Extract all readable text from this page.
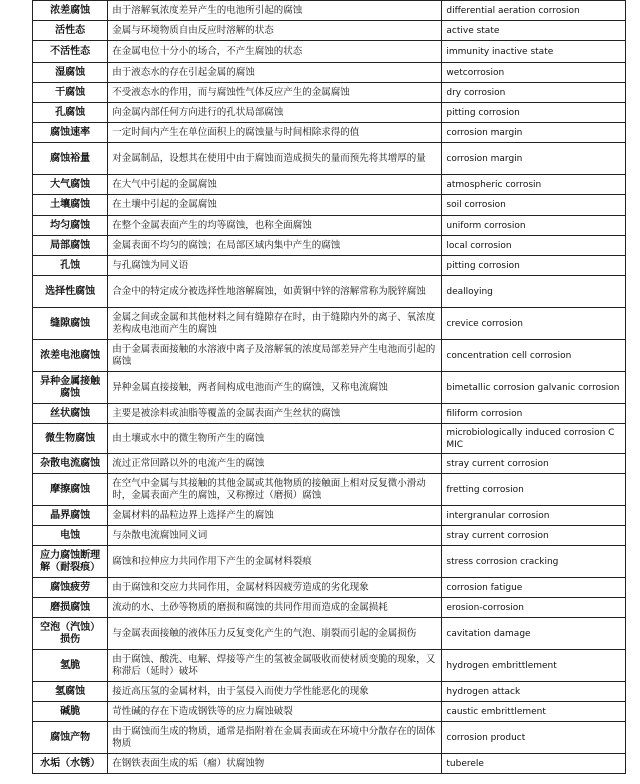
浓差腐蚀	由于溶解氧浓度差异产生的电池所引起的腐蚀	differential aeration corrosion
活性态	金属与环境物质自由反应时溶解的状态	active state
不活性态	在金属电位十分小的场合，不产生腐蚀的状态	immunity inactive state
湿腐蚀	由于液态水的存在引起金属的腐蚀	wetcorrosion
干腐蚀	不受液态水的作用，而与腐蚀性气体反应产生的金属腐蚀	dry corrosion
孔腐蚀	向金属内部任何方向进行的孔状局部腐蚀	pitting corrosion
腐蚀速率	一定时间内产生在单位面积上的腐蚀量与时间相除求得的值	corrosion margin
腐蚀裕量	对金属制品，设想其在使用中由于腐蚀而造成损失的量而预先将其增厚的量	corrosion margin
大气腐蚀	在大气中引起的金属腐蚀	atmospheric corrosin
土壤腐蚀	在土壤中引起的金属腐蚀	soil corrosion
均匀腐蚀	在整个金属表面产生的均等腐蚀，也称全面腐蚀	uniform corrosion
局部腐蚀	金属表面不均匀的腐蚀；在局部区域内集中产生的腐蚀	local corrosion
孔蚀	与孔腐蚀为同义语	pitting corrosion
选择性腐蚀	合金中的特定成分被选择性地溶解腐蚀，如黄铜中锌的溶解常称为脱锌腐蚀	dealloying
缝隙腐蚀	金属之间或金属和其他材料之间有缝隙存在时，由于缝隙内外的离子、氧浓度差构成电池而产生的腐蚀	crevice corrosion
浓差电池腐蚀	由于金属表面接触的水溶液中离子及溶解氧的浓度局部差异产生电池而引起的腐蚀	concentration cell corrosion
异种金属接触腐蚀	异种金属直接接触，两者间构成电池而产生的腐蚀，又称电流腐蚀	bimetallic corrosion galvanic corrosion
丝状腐蚀	主要是被涂料或油脂等覆盖的金属表面产生丝状的腐蚀	filiform corrosion
微生物腐蚀	由土壤或水中的微生物所产生的腐蚀	microbiologically induced corrosion CMIC
杂散电流腐蚀	流过正常回路以外的电流产生的腐蚀	stray current corrosion
摩擦腐蚀	在空气中金属与其接触的其他金属或其他物质的接触面上相对反复微小滑动时，金属表面产生的腐蚀，又称擦过（磨损）腐蚀	fretting corrosion
晶界腐蚀	金属材料的晶粒边界上选择产生的腐蚀	intergranular corrosion
电蚀	与杂散电流腐蚀同义词	stray current corrosion
应力腐蚀断理解（耐裂痕）	腐蚀和拉伸应力共同作用下产生的金属材料裂痕	stress corrosion cracking
腐蚀疲劳	由于腐蚀和交应力共同作用，金属材料因疲劳造成的劣化现象	corrosion fatigue
磨损腐蚀	流动的水、土砂等物质的磨损和腐蚀的共同作用而造成的金属损耗	erosion-corrosion
空泡（汽蚀）损伤	与金属表面接触的液体压力反复变化产生的气泡、崩裂而引起的金属损伤	cavitation damage
氢脆	由于腐蚀、酸洗、电解、焊接等产生的氢被金属吸收而使材质变脆的现象，又称滞后（延时）破坏	hydrogen embrittlement
氢腐蚀	接近高压氢的金属材料，由于氢侵入而使力学性能恶化的现象	hydrogen attack
碱脆	苛性碱的存在下造成钢铁等的应力腐蚀破裂	caustic embrittlement
腐蚀产物	由于腐蚀而生成的物质，通常是指附着在金属表面或在环境中分散存在的固体物质	corrosion product
水垢（水锈）	在钢铁表面生成的垢（瘤）状腐蚀物	tuberele
